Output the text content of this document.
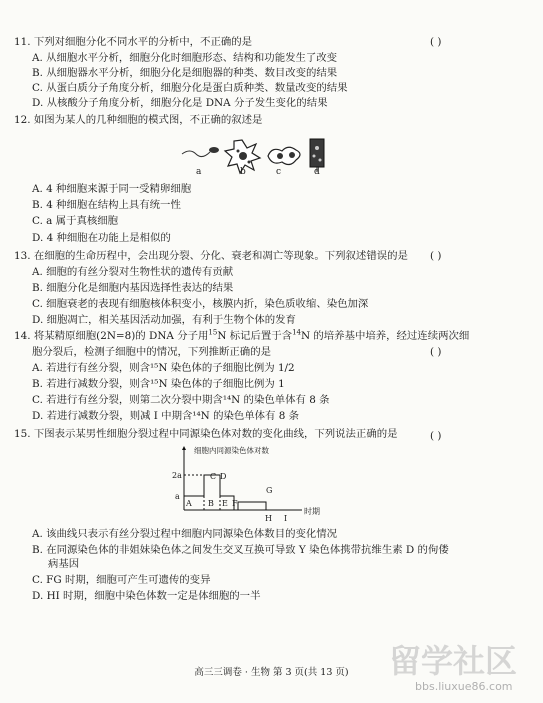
11. 下列对细胞分化不同水平的分析中，不正确的是	( )
A. 从细胞水平分析，细胞分化时细胞形态、结构和功能发生了改变
B. 从细胞器水平分析，细胞分化是细胞器的种类、数目改变的结果
C. 从蛋白质分子角度分析，细胞分化是蛋白质种类、数量改变的结果
D. 从核酸分子角度分析，细胞分化是 DNA 分子发生变化的结果
12. 如图为某人的几种细胞的模式图，不正确的叙述是
a	b	c	d
A. 4 种细胞来源于同一受精卵细胞
B. 4 种细胞在结构上具有统一性
C. a 属于真核细胞
D. 4 种细胞在功能上是相似的
13. 在细胞的生命历程中，会出现分裂、分化、衰老和凋亡等现象。下列叙述错误的是 ( )
A. 细胞的有丝分裂对生物性状的遗传有贡献
B. 细胞分化是细胞内基因选择性表达的结果
C. 细胞衰老的表现有细胞核体积变小，核膜内折，染色质收缩、染色加深
D. 细胞凋亡，相关基因活动加强，有利于生物个体的发育
14. 将某精原细胞(2N=8)的 DNA 分子用$^{15}$N 标记后置于含$^{14}$N 的培养基中培养，经过连续两次细
胞分裂后，检测子细胞中的情况，下列推断正确的是	( )
A. 若进行有丝分裂，则含¹⁵N 染色体的子细胞比例为 1/2
B. 若进行减数分裂，则含¹⁵N 染色体的子细胞比例为 1
C. 若进行有丝分裂，则第二次分裂中期含¹⁴N 的染色单体有 8 条
D. 若进行减数分裂，则减 I 中期含¹⁴N 的染色单体有 8 条
15. 下图表示某男性细胞分裂过程中同源染色体对数的变化曲线，下列说法正确的是	( )
细胞内同源染色体对数
2a
a
A B
C D
E F
G
H I
时期
A. 该曲线只表示有丝分裂过程中细胞内同源染色体数目的变化情况
B. 在同源染色体的非姐妹染色体之间发生交叉互换可导致 Y 染色体携带抗维生素 D 的佝偻
病基因
C. FG 时期，细胞可产生可遗传的变异
D. HI 时期，细胞中染色体数一定是体细胞的一半
高三三调卷 · 生物 第 3 页(共 13 页)	留学社区
bbs.liuxue86.com
